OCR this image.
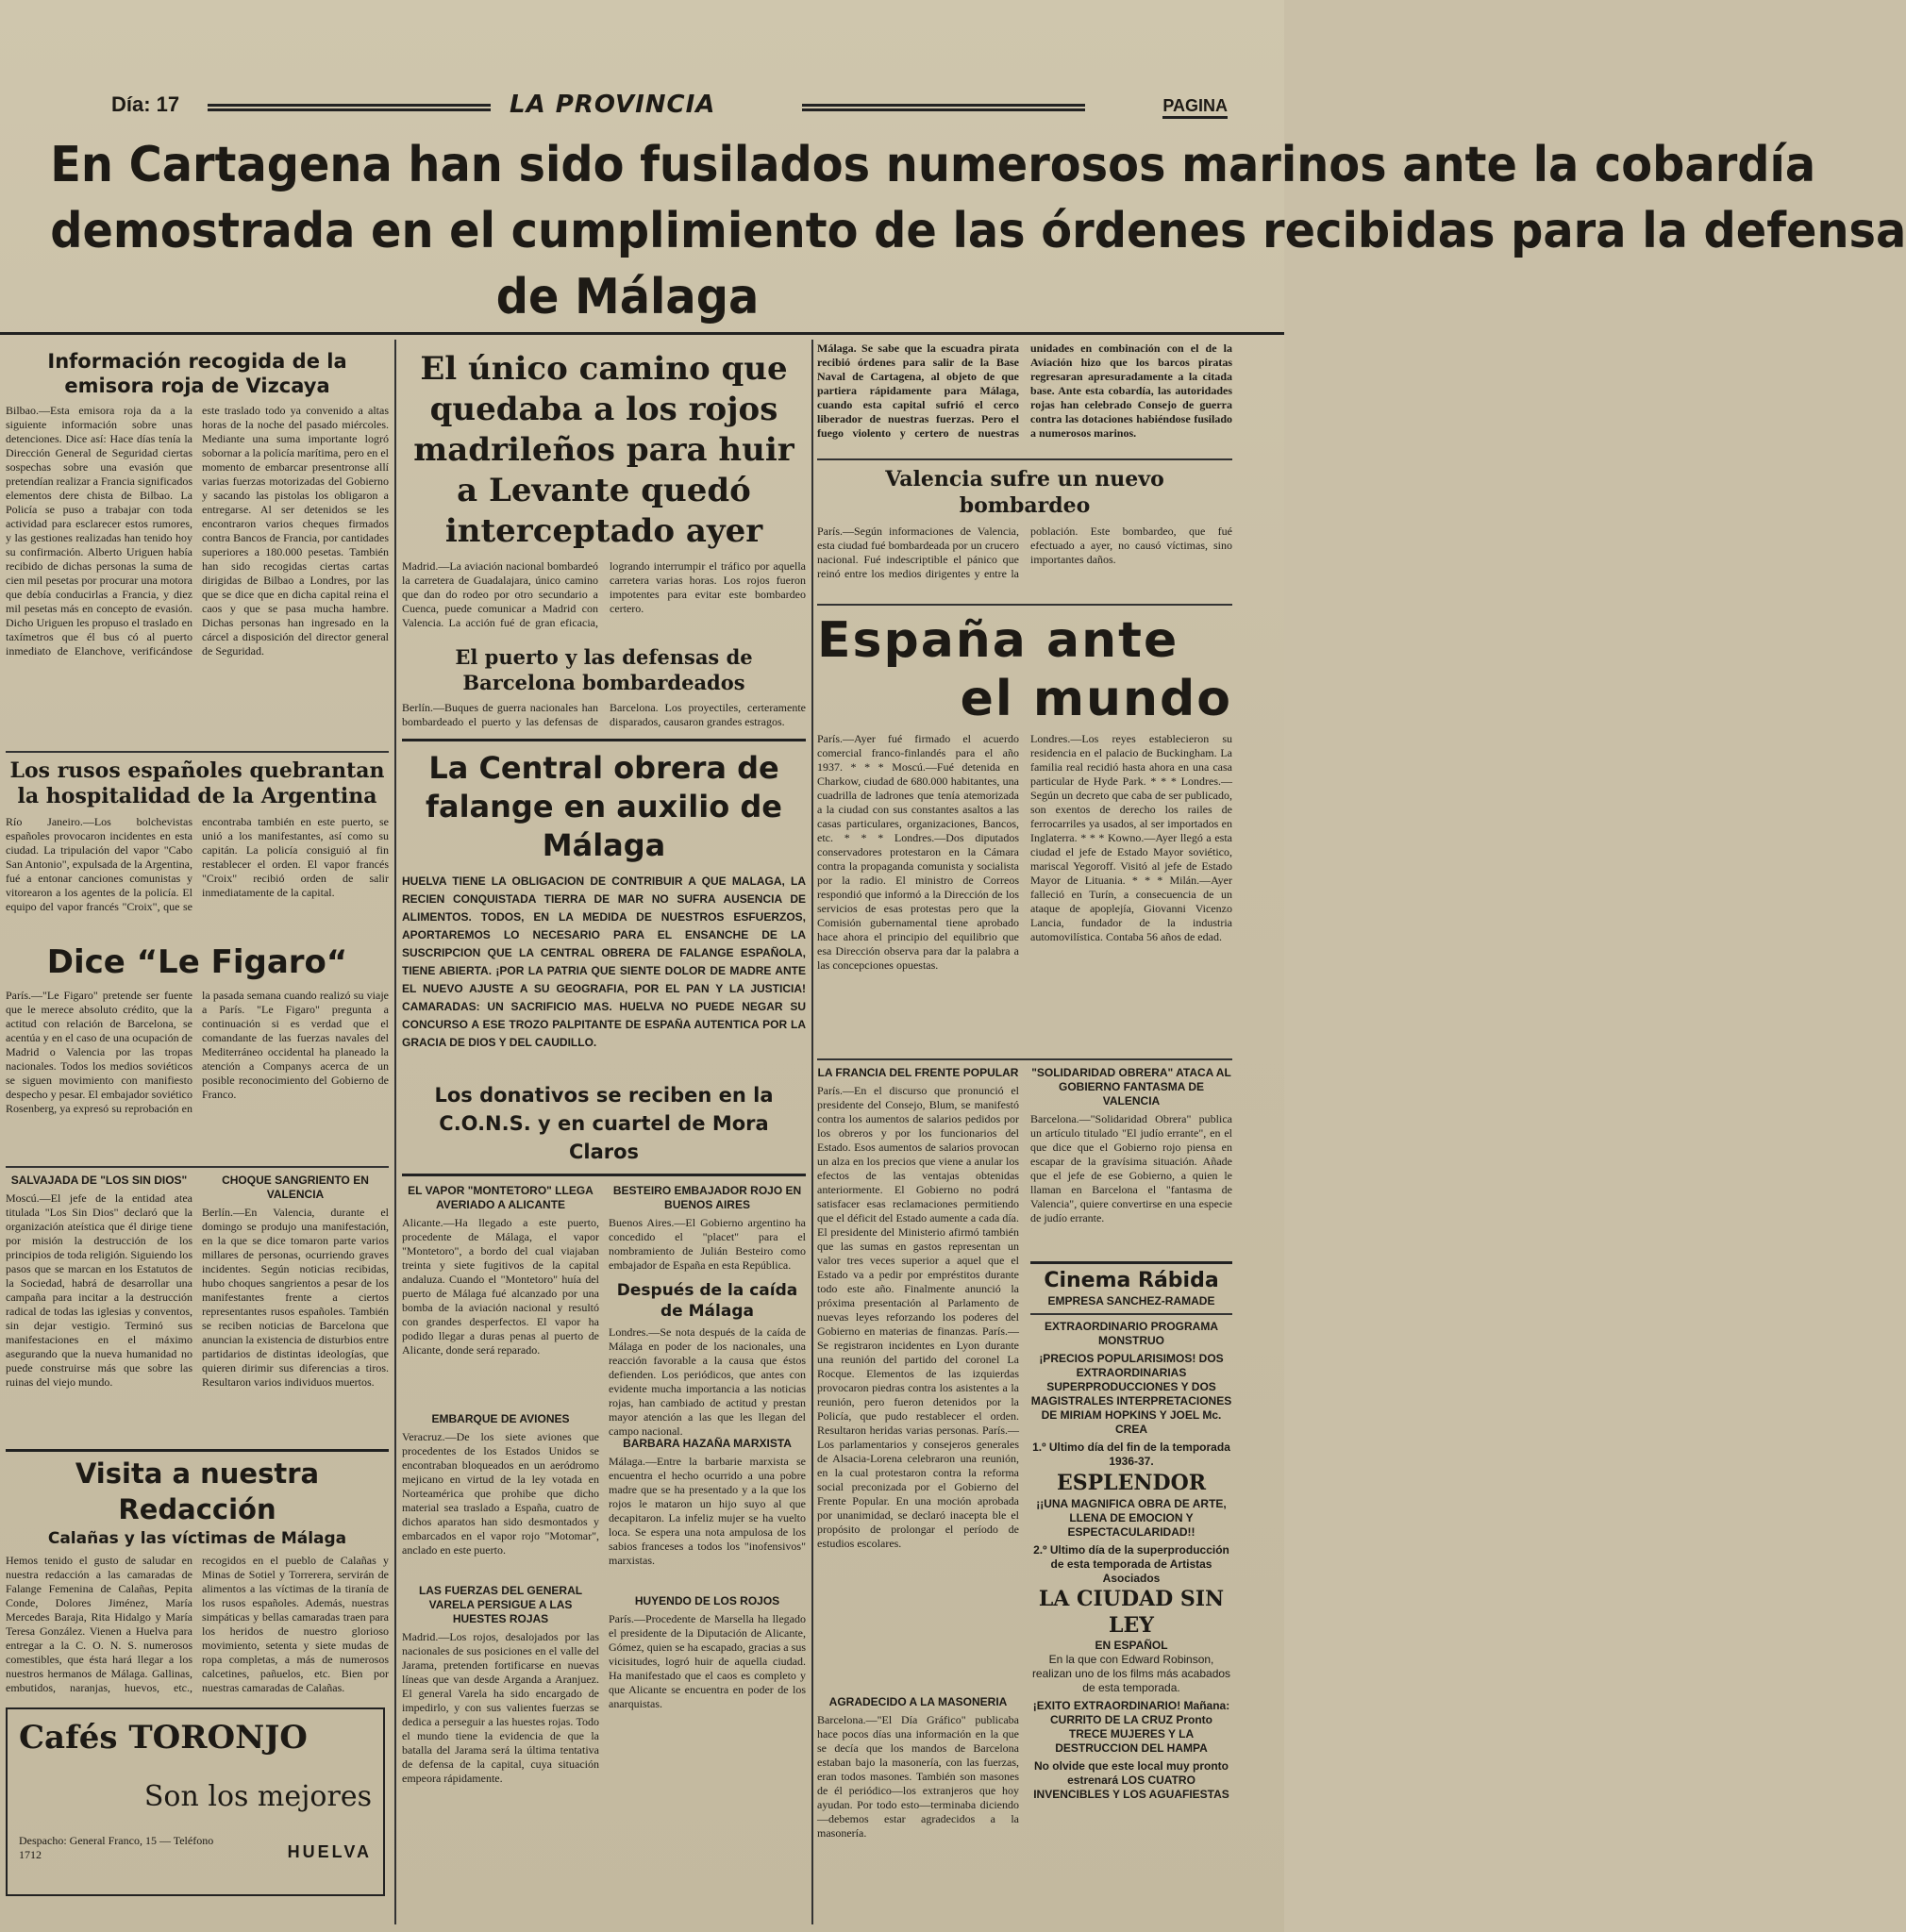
Día: 17	LA PROVINCIA	PAGINA
En Cartagena han sido fusilados numerosos marinos ante la cobardía
demostrada en el cumplimiento de las órdenes recibidas para la defensa
de Málaga
Información recogida de la emisora roja de Vizcaya
Bilbao.—Esta emisora roja da a la siguiente información sobre unas detenciones. Dice así: Hace días tenía la Dirección General de Seguridad ciertas sospechas sobre una evasión que pretendían realizar a Francia significados elementos dere chista de Bilbao. La Policía se puso a trabajar con toda actividad para esclarecer estos rumores, y las gestiones realizadas han tenido hoy su confirmación. Alberto Uriguen había recibido de dichas personas la suma de cien mil pesetas por procurar una motora que debía conducirlas a Francia, y diez mil pesetas más en concepto de evasión. Dicho Uriguen les propuso el traslado en taxímetros que él bus có al puerto inmediato de Elanchove, verificándose este traslado todo ya convenido a altas horas de la noche del pasado miércoles. Mediante una suma importante logró sobornar a la policía marítima, pero en el momento de embarcar presentronse allí varias fuerzas motorizadas del Gobierno y sacando las pistolas los obligaron a entregarse. Al ser detenidos se les encontraron varios cheques firmados contra Bancos de Francia, por cantidades superiores a 180.000 pesetas. También han sido recogidas ciertas cartas dirigidas de Bilbao a Londres, por las que se dice que en dicha capital reina el caos y que se pasa mucha hambre. Dichas personas han ingresado en la cárcel a disposición del director general de Seguridad.
Los rusos españoles quebrantan la hospitalidad de la Argentina
Río Janeiro.—Los bolchevistas españoles provocaron incidentes en esta ciudad. La tripulación del vapor "Cabo San Antonio", expulsada de la Argentina, fué a entonar canciones comunistas y vitorearon a los agentes de la policía. El equipo del vapor francés "Croix", que se encontraba también en este puerto, se unió a los manifestantes, así como su capitán. La policía consiguió al fin restablecer el orden. El vapor francés "Croix" recibió orden de salir inmediatamente de la capital.
Dice “Le Figaro“
París.—"Le Figaro" pretende ser fuente que le merece absoluto crédito, que la actitud con relación de Barcelona, se acentúa y en el caso de una ocupación de Madrid o Valencia por las tropas nacionales. Todos los medios soviéticos se siguen movimiento con manifiesto despecho y pesar. El embajador soviético Rosenberg, ya expresó su reprobación en la pasada semana cuando realizó su viaje a París. "Le Figaro" pregunta a continuación si es verdad que el comandante de las fuerzas navales del Mediterráneo occidental ha planeado la atención a Companys acerca de un posible reconocimiento del Gobierno de Franco.
SALVAJADA DE "LOS SIN DIOS"
Moscú.—El jefe de la entidad atea titulada "Los Sin Dios" declaró que la organización ateística que él dirige tiene por misión la destrucción de los principios de toda religión. Siguiendo los pasos que se marcan en los Estatutos de la Sociedad, habrá de desarrollar una campaña para incitar a la destrucción radical de todas las iglesias y conventos, sin dejar vestigio. Terminó sus manifestaciones en el máximo asegurando que la nueva humanidad no puede construirse más que sobre las ruinas del viejo mundo.
CHOQUE SANGRIENTO EN VALENCIA
Berlín.—En Valencia, durante el domingo se produjo una manifestación, en la que se dice tomaron parte varios millares de personas, ocurriendo graves incidentes. Según noticias recibidas, hubo choques sangrientos a pesar de los manifestantes frente a ciertos representantes rusos españoles. También se reciben noticias de Barcelona que anuncian la existencia de disturbios entre partidarios de distintas ideologías, que quieren dirimir sus diferencias a tiros. Resultaron varios individuos muertos.
Visita a nuestra Redacción
Calañas y las víctimas de Málaga
Hemos tenido el gusto de saludar en nuestra redacción a las camaradas de Falange Femenina de Calañas, Pepita Conde, Dolores Jiménez, María Mercedes Baraja, Rita Hidalgo y María Teresa González. Vienen a Huelva para entregar a la C. O. N. S. numerosos comestibles, que ésta hará llegar a los nuestros hermanos de Málaga. Gallinas, embutidos, naranjas, huevos, etc., recogidos en el pueblo de Calañas y Minas de Sotiel y Torrerera, servirán de alimentos a las víctimas de la tiranía de los rusos españoles. Además, nuestras simpáticas y bellas camaradas traen para los heridos de nuestro glorioso movimiento, setenta y siete mudas de ropa completas, a más de numerosos calcetines, pañuelos, etc. Bien por nuestras camaradas de Calañas.
Cafés TORONJO
Son los mejores
Despacho: General Franco, 15 — Teléfono 1712	HUELVA
El único camino que quedaba a los rojos madrileños para huir a Levante quedó interceptado ayer
Madrid.—La aviación nacional bombardeó la carretera de Guadalajara, único camino que dan do rodeo por otro secundario a Cuenca, puede comunicar a Madrid con Valencia. La acción fué de gran eficacia, logrando interrumpir el tráfico por aquella carretera varias horas. Los rojos fueron impotentes para evitar este bombardeo certero.
El puerto y las defensas de Barcelona bombardeados
Berlín.—Buques de guerra nacionales han bombardeado el puerto y las defensas de Barcelona. Los proyectiles, certeramente disparados, causaron grandes estragos.
La Central obrera de falange en auxilio de Málaga
HUELVA TIENE LA OBLIGACION DE CONTRIBUIR A QUE MALAGA, LA RECIEN CONQUISTADA TIERRA DE MAR NO SUFRA AUSENCIA DE ALIMENTOS. TODOS, EN LA MEDIDA DE NUESTROS ESFUERZOS, APORTAREMOS LO NECESARIO PARA EL ENSANCHE DE LA SUSCRIPCION QUE LA CENTRAL OBRERA DE FALANGE ESPAÑOLA, TIENE ABIERTA. ¡POR LA PATRIA QUE SIENTE DOLOR DE MADRE ANTE EL NUEVO AJUSTE A SU GEOGRAFIA, POR EL PAN Y LA JUSTICIA! CAMARADAS: UN SACRIFICIO MAS. HUELVA NO PUEDE NEGAR SU CONCURSO A ESE TROZO PALPITANTE DE ESPAÑA AUTENTICA POR LA GRACIA DE DIOS Y DEL CAUDILLO.
Los donativos se reciben en la C.O.N.S. y en cuartel de Mora Claros
EL VAPOR "MONTETORO" LLEGA AVERIADO A ALICANTE
Alicante.—Ha llegado a este puerto, procedente de Málaga, el vapor "Montetoro", a bordo del cual viajaban treinta y siete fugitivos de la capital andaluza. Cuando el "Montetoro" huía del puerto de Málaga fué alcanzado por una bomba de la aviación nacional y resultó con grandes desperfectos. El vapor ha podido llegar a duras penas al puerto de Alicante, donde será reparado.
EMBARQUE DE AVIONES
Veracruz.—De los siete aviones que procedentes de los Estados Unidos se encontraban bloqueados en un aeródromo mejicano en virtud de la ley votada en Norteamérica que prohibe que dicho material sea traslado a España, cuatro de dichos aparatos han sido desmontados y embarcados en el vapor rojo "Motomar", anclado en este puerto.
LAS FUERZAS DEL GENERAL VARELA PERSIGUE A LAS HUESTES ROJAS
Madrid.—Los rojos, desalojados por las nacionales de sus posiciones en el valle del Jarama, pretenden fortificarse en nuevas líneas que van desde Arganda a Aranjuez. El general Varela ha sido encargado de impedirlo, y con sus valientes fuerzas se dedica a perseguir a las huestes rojas. Todo el mundo tiene la evidencia de que la batalla del Jarama será la última tentativa de defensa de la capital, cuya situación empeora rápidamente.
BESTEIRO EMBAJADOR ROJO EN BUENOS AIRES
Buenos Aires.—El Gobierno argentino ha concedido el "placet" para el nombramiento de Julián Besteiro como embajador de España en esta República.
Después de la caída de Málaga
Londres.—Se nota después de la caída de Málaga en poder de los nacionales, una reacción favorable a la causa que éstos defienden. Los periódicos, que antes con evidente mucha importancia a las noticias rojas, han cambiado de actitud y prestan mayor atención a las que les llegan del campo nacional.
BARBARA HAZAÑA MARXISTA
Málaga.—Entre la barbarie marxista se encuentra el hecho ocurrido a una pobre madre que se ha presentado y a la que los rojos le mataron un hijo suyo al que decapitaron. La infeliz mujer se ha vuelto loca. Se espera una nota ampulosa de los sabios franceses a todos los "inofensivos" marxistas.
HUYENDO DE LOS ROJOS
París.—Procedente de Marsella ha llegado el presidente de la Diputación de Alicante, Gómez, quien se ha escapado, gracias a sus vicisitudes, logró huir de aquella ciudad. Ha manifestado que el caos es completo y que Alicante se encuentra en poder de los anarquistas.
Málaga. Se sabe que la escuadra pirata recibió órdenes para salir de la Base Naval de Cartagena, al objeto de que partiera rápidamente para Málaga, cuando esta capital sufrió el cerco liberador de nuestras fuerzas. Pero el fuego violento y certero de nuestras unidades en combinación con el de la Aviación hizo que los barcos piratas regresaran apresuradamente a la citada base. Ante esta cobardía, las autoridades rojas han celebrado Consejo de guerra contra las dotaciones habiéndose fusilado a numerosos marinos.
Valencia sufre un nuevo bombardeo
París.—Según informaciones de Valencia, esta ciudad fué bombardeada por un crucero nacional. Fué indescriptible el pánico que reinó entre los medios dirigentes y entre la población. Este bombardeo, que fué efectuado a ayer, no causó víctimas, sino importantes daños.
España ante
el mundo
París.—Ayer fué firmado el acuerdo comercial franco-finlandés para el año 1937. * * * Moscú.—Fué detenida en Charkow, ciudad de 680.000 habitantes, una cuadrilla de ladrones que tenía atemorizada a la ciudad con sus constantes asaltos a las casas particulares, organizaciones, Bancos, etc. * * * Londres.—Dos diputados conservadores protestaron en la Cámara contra la propaganda comunista y socialista por la radio. El ministro de Correos respondió que informó a la Dirección de los servicios de esas protestas pero que la Comisión gubernamental tiene aprobado hace ahora el principio del equilibrio que esa Dirección observa para dar la palabra a las concepciones opuestas.
Londres.—Los reyes establecieron su residencia en el palacio de Buckingham. La familia real recidió hasta ahora en una casa particular de Hyde Park. * * * Londres.—Según un decreto que caba de ser publicado, son exentos de derecho los railes de ferrocarriles ya usados, al ser importados en Inglaterra. * * * Kowno.—Ayer llegó a esta ciudad el jefe de Estado Mayor soviético, mariscal Yegoroff. Visitó al jefe de Estado Mayor de Lituania. * * * Milán.—Ayer falleció en Turín, a consecuencia de un ataque de apoplejía, Giovanni Vicenzo Lancia, fundador de la industria automovilística. Contaba 56 años de edad.
LA FRANCIA DEL FRENTE POPULAR
París.—En el discurso que pronunció el presidente del Consejo, Blum, se manifestó contra los aumentos de salarios pedidos por los obreros y por los funcionarios del Estado. Esos aumentos de salarios provocan un alza en los precios que viene a anular los efectos de las ventajas obtenidas anteriormente. El Gobierno no podrá satisfacer esas reclamaciones permitiendo que el déficit del Estado aumente a cada día. El presidente del Ministerio afirmó también que las sumas en gastos representan un valor tres veces superior a aquel que el Estado va a pedir por empréstitos durante todo este año. Finalmente anunció la próxima presentación al Parlamento de nuevas leyes reforzando los poderes del Gobierno en materias de finanzas. París.—Se registraron incidentes en Lyon durante una reunión del partido del coronel La Rocque. Elementos de las izquierdas provocaron piedras contra los asistentes a la reunión, pero fueron detenidos por la Policía, que pudo restablecer el orden. Resultaron heridas varias personas. París.—Los parlamentarios y consejeros generales de Alsacia-Lorena celebraron una reunión, en la cual protestaron contra la reforma social preconizada por el Gobierno del Frente Popular. En una moción aprobada por unanimidad, se declaró inacepta ble el propósito de prolongar el período de estudios escolares.
AGRADECIDO A LA MASONERIA
Barcelona.—"El Día Gráfico" publicaba hace pocos días una información en la que se decía que los mandos de Barcelona estaban bajo la masonería, con las fuerzas, eran todos masones. También son masones de él periódico—los extranjeros que hoy ayudan. Por todo esto—terminaba diciendo—debemos estar agradecidos a la masonería.
"SOLIDARIDAD OBRERA" ATACA AL GOBIERNO FANTASMA DE VALENCIA
Barcelona.—"Solidaridad Obrera" publica un artículo titulado "El judío errante", en el que dice que el Gobierno rojo piensa en escapar de la gravísima situación. Añade que el jefe de ese Gobierno, a quien le llaman en Barcelona el "fantasma de Valencia", quiere convertirse en una especie de judío errante.
Cinema Rábida
EMPRESA SANCHEZ-RAMADE
EXTRAORDINARIO PROGRAMA MONSTRUO
¡PRECIOS POPULARISIMOS! DOS EXTRAORDINARIAS SUPERPRODUCCIONES Y DOS MAGISTRALES INTERPRETACIONES DE MIRIAM HOPKINS Y JOEL Mc. CREA
1.º Ultimo día del fin de la temporada 1936-37.
ESPLENDOR
¡¡UNA MAGNIFICA OBRA DE ARTE, LLENA DE EMOCION Y ESPECTACULARIDAD!!
2.º Ultimo día de la superproducción de esta temporada de Artistas Asociados
LA CIUDAD SIN LEY
EN ESPAÑOL
En la que con Edward Robinson, realizan uno de los films más acabados de esta temporada.
¡EXITO EXTRAORDINARIO! Mañana: CURRITO DE LA CRUZ Pronto TRECE MUJERES Y LA DESTRUCCION DEL HAMPA
No olvide que este local muy pronto estrenará LOS CUATRO INVENCIBLES Y LOS AGUAFIESTAS
